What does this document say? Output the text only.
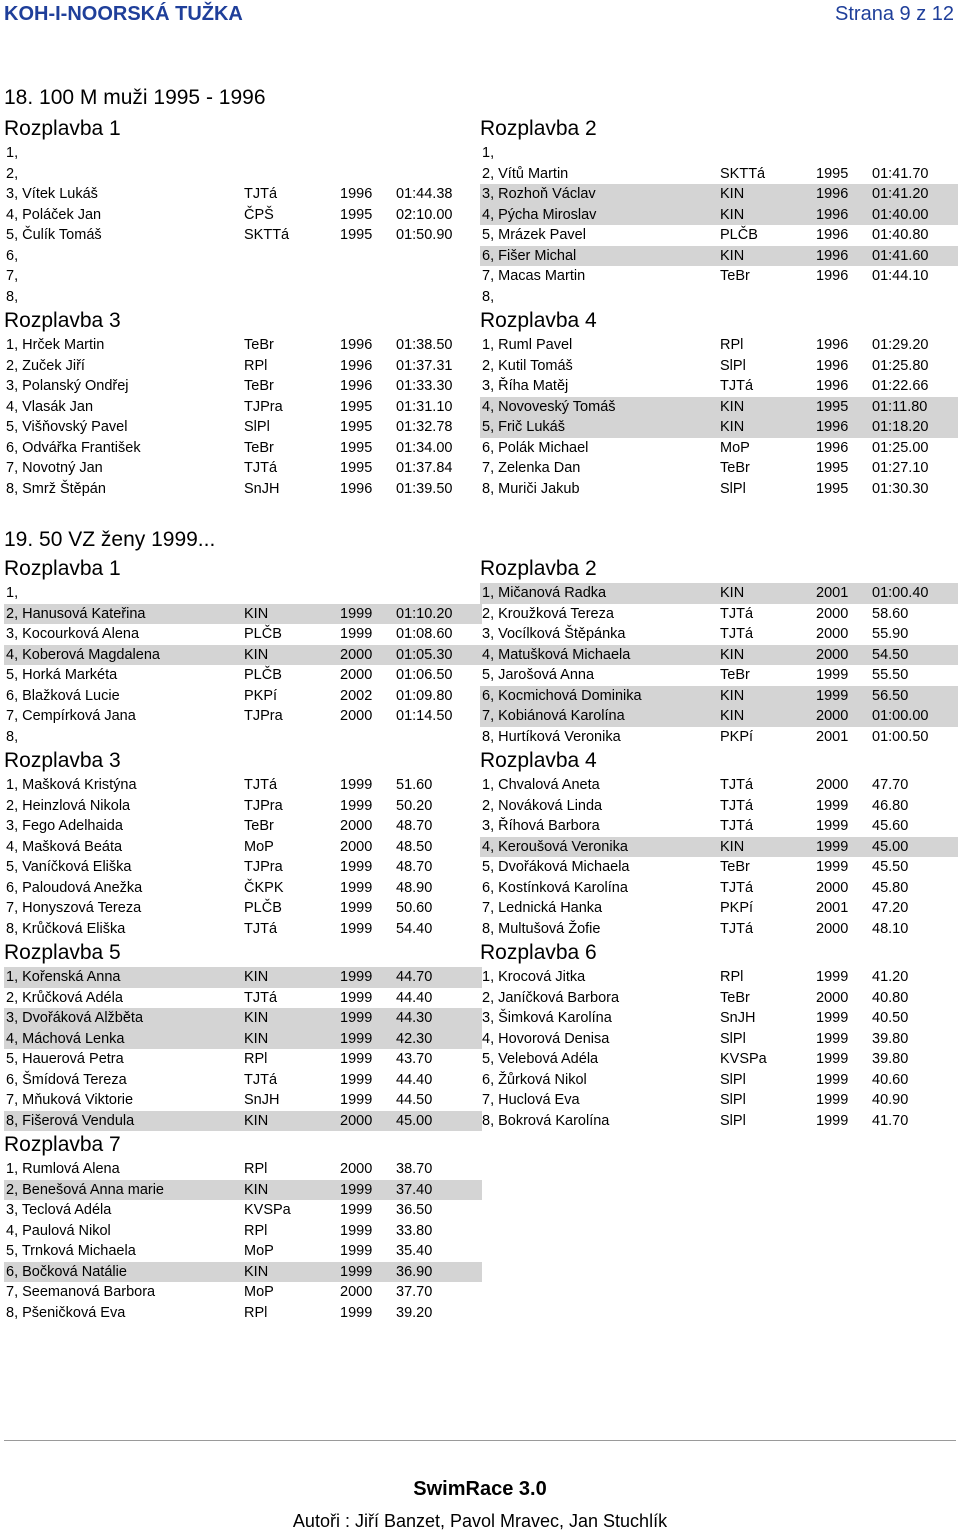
KOH-I-NOORSKÁ TUŽKA	Strana 9 z 12
18. 100 M muži 1995 - 1996
Rozplavba 1
1,
2,
3, Vítek Lukáš	TJTá	1996 01:44.38
4, Poláček Jan	ČPŠ	1995 02:10.00
5, Čulík Tomáš	SKTTá	1995 01:50.90
6,
7,
8,
Rozplavba 2
1,
2, Vítů Martin	SKTTá	1995 01:41.70
3, Rozhoň Václav	KIN	1996 01:41.20
4, Pýcha Miroslav	KIN	1996 01:40.00
5, Mrázek Pavel	PLČB	1996 01:40.80
6, Fišer Michal	KIN	1996 01:41.60
7, Macas Martin	TeBr	1996 01:44.10
8,
Rozplavba 3
1, Hrček Martin	TeBr	1996 01:38.50
2, Zuček Jiří	RPl	1996 01:37.31
3, Polanský Ondřej	TeBr	1996 01:33.30
4, Vlasák Jan	TJPra	1995 01:31.10
5, Višňovský Pavel	SlPl	1995 01:32.78
6, Odvářka František	TeBr	1995 01:34.00
7, Novotný Jan	TJTá	1995 01:37.84
8, Smrž Štěpán	SnJH	1996 01:39.50
Rozplavba 4
1, Ruml Pavel	RPl	1996 01:29.20
2, Kutil Tomáš	SlPl	1996 01:25.80
3, Říha Matěj	TJTá	1996 01:22.66
4, Novoveský Tomáš	KIN	1995 01:11.80
5, Frič Lukáš	KIN	1996 01:18.20
6, Polák Michael	MoP	1996 01:25.00
7, Zelenka Dan	TeBr	1995 01:27.10
8, Muriči Jakub	SlPl	1995 01:30.30
19. 50 VZ ženy 1999...
Rozplavba 1
1,
2, Hanusová Kateřina	KIN	1999 01:10.20
3, Kocourková Alena	PLČB	1999 01:08.60
4, Koberová Magdalena	KIN	2000 01:05.30
5, Horká Markéta	PLČB	2000 01:06.50
6, Blažková Lucie	PKPí	2002 01:09.80
7, Cempírková Jana	TJPra	2000 01:14.50
8,
Rozplavba 2
1, Mičanová Radka	KIN	2001 01:00.40
2, Kroužková Tereza	TJTá	2000 58.60
3, Vocílková Štěpánka	TJTá	2000 55.90
4, Matušková Michaela	KIN	2000 54.50
5, Jarošová Anna	TeBr	1999 55.50
6, Kocmichová Dominika	KIN	1999 56.50
7, Kobiánová Karolína	KIN	2000 01:00.00
8, Hurtíková Veronika	PKPí	2001 01:00.50
Rozplavba 3
1, Mašková Kristýna	TJTá	1999 51.60
2, Heinzlová Nikola	TJPra	1999 50.20
3, Fego Adelhaida	TeBr	2000 48.70
4, Mašková Beáta	MoP	2000 48.50
5, Vaníčková Eliška	TJPra	1999 48.70
6, Paloudová Anežka	ČKPK	1999 48.90
7, Honyszová Tereza	PLČB	1999 50.60
8, Krůčková Eliška	TJTá	1999 54.40
Rozplavba 4
1, Chvalová Aneta	TJTá	2000 47.70
2, Nováková Linda	TJTá	1999 46.80
3, Říhová Barbora	TJTá	1999 45.60
4, Keroušová Veronika	KIN	1999 45.00
5, Dvořáková Michaela	TeBr	1999 45.50
6, Kostínková Karolína	TJTá	2000 45.80
7, Lednická Hanka	PKPí	2001 47.20
8, Multušová Žofie	TJTá	2000 48.10
Rozplavba 5
1, Kořenská Anna	KIN	1999 44.70
2, Krůčková Adéla	TJTá	1999 44.40
3, Dvořáková Alžběta	KIN	1999 44.30
4, Máchová Lenka	KIN	1999 42.30
5, Hauerová Petra	RPl	1999 43.70
6, Šmídová Tereza	TJTá	1999 44.40
7, Mňuková Viktorie	SnJH	1999 44.50
8, Fišerová Vendula	KIN	2000 45.00
Rozplavba 6
1, Krocová Jitka	RPl	1999 41.20
2, Janíčková Barbora	TeBr	2000 40.80
3, Šimková Karolína	SnJH	1999 40.50
4, Hovorová Denisa	SlPl	1999 39.80
5, Velebová Adéla	KVSPa	1999 39.80
6, Žůrková Nikol	SlPl	1999 40.60
7, Huclová Eva	SlPl	1999 40.90
8, Bokrová Karolína	SlPl	1999 41.70
Rozplavba 7
1, Rumlová Alena	RPl	2000 38.70
2, Benešová Anna marie	KIN	1999 37.40
3, Teclová Adéla	KVSPa	1999 36.50
4, Paulová Nikol	RPl	1999 33.80
5, Trnková Michaela	MoP	1999 35.40
6, Bočková Natálie	KIN	1999 36.90
7, Seemanová Barbora	MoP	2000 37.70
8, Pšeničková Eva	RPl	1999 39.20
SwimRace 3.0
Autoři : Jiří Banzet, Pavol Mravec, Jan Stuchlík
